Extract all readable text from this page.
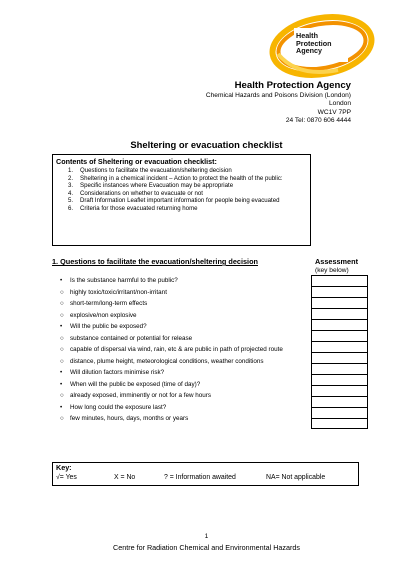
Health
Protection
Agency
Health Protection Agency
Chemical Hazards and Poisons Division (London)
London
WC1V 7PP
24 Tel: 0870 606 4444
Sheltering or evacuation checklist
Contents of Sheltering or evacuation checklist:
1.	Questions to facilitate the evacuation/sheltering decision
2.	Sheltering in a chemical incident – Action to protect the health of the public:
3.	Specific instances where Evacuation may be appropriate
4.	Considerations on whether to evacuate or not
5.	Draft Information Leaflet important information for people being evacuated
6.	Criteria for those evacuated returning home
1. Questions to facilitate the evacuation/sheltering decision	Assessment
(key below)
•	Is the substance harmful to the public?
○ highly toxic/toxic/irritant/non-irritant
○ short-term/long-term effects
○ explosive/non explosive
•	Will the public be exposed?
○ substance contained or potential for release
○ capable of dispersal via wind, rain, etc & are public in path of projected route
○ distance, plume height, meteorological conditions, weather conditions
•	Will dilution factors minimise risk?
•	When will the public be exposed (time of day)?
○ already exposed, imminently or not for a few hours
•	How long could the exposure last?
○ few minutes, hours, days, months or years
Key:
√= Yes	X = No	? = Information awaited	NA= Not applicable
1
Centre for Radiation Chemical and Environmental Hazards
